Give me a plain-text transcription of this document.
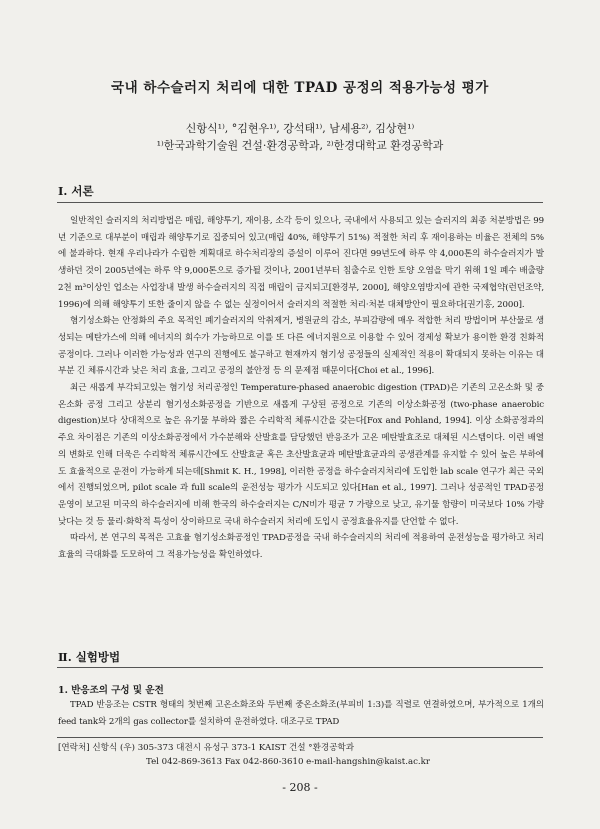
국내 하수슬러지 처리에 대한 TPAD 공정의 적용가능성 평가
신항식¹⁾, °김현우¹⁾, 강석태¹⁾, 남세용²⁾, 김상현¹⁾
¹⁾한국과학기술원 건설·환경공학과, ²⁾한경대학교 환경공학과
Ⅰ. 서론

일반적인 슬러지의 처리방법은 매립, 해양투기, 재이용, 소각 등이 있으나, 국내에서 사용되고 있는 슬러지의 최종 처분방법은 99년 기준으로 대부분이 매립과 해양투기로 집중되어 있고(매립 40%, 해양투기 51%) 적절한 처리 후 재이용하는 비율은 전체의 5%에 불과하다. 현재 우리나라가 수립한 계획대로 하수처리장의 증설이 이루어 진다면 99년도에 하루 약 4,000톤의 하수슬러지가 발생하던 것이 2005년에는 하루 약 9,000톤으로 증가될 것이나, 2001년부터 침출수로 인한 토양 오염을 막기 위해 1일 폐수 배출량 2천 m³이상인 업소는 사업장내 발생 하수슬러지의 직접 매립이 금지되고[환경부, 2000], 해양오염방지에 관한 국제협약(런던조약, 1996)에 의해 해양투기 또한 줄이지 않을 수 없는 실정이어서 슬러지의 적절한 처리·처분 대체방안이 필요하다[권기홍, 2000].

혐기성소화는 안정화의 주요 목적인 폐기슬러지의 악취제거, 병원균의 감소, 부피감량에 매우 적합한 처리 방법이며 부산물로 생성되는 메탄가스에 의해 에너지의 회수가 가능하므로 이를 또 다른 에너지원으로 이용할 수 있어 경제성 확보가 용이한 환경 친화적 공정이다. 그러나 이러한 가능성과 연구의 진행에도 불구하고 현재까지 혐기성 공정들의 실제적인 적용이 확대되지 못하는 이유는 대부분 긴 체류시간과 낮은 처리 효율, 그리고 공정의 불안정 등 의 문제점 때문이다[Choi et al., 1996].

최근 새롭게 부각되고있는 혐기성 처리공정인 Temperature-phased anaerobic digestion (TPAD)은 기존의 고온소화 및 중온소화 공정 그리고 상분리 혐기성소화공정을 기반으로 새롭게 구상된 공정으로 기존의 이상소화공정 (two-phase anaerobic digestion)보다 상대적으로 높은 유기물 부하와 짧은 수리학적 체류시간을 갖는다[Fox and Pohland, 1994]. 이상 소화공정과의 주요 차이점은 기존의 이상소화공정에서 가수분해와 산발효를 담당했던 반응조가 고온 메탄발효조로 대체된 시스템이다. 이런 배열의 변화로 인해 더욱은 수리학적 체류시간에도 산발효균 혹은 초산발효균과 메탄발효균과의 공생관계를 유지할 수 있어 높은 부하에도 효율적으로 운전이 가능하게 되는데[Shmit K. H., 1998], 이러한 공정을 하수슬러지처리에 도입한 lab scale 연구가 최근 국외에서 진행되었으며, pilot scale 과 full scale의 운전성능 평가가 시도되고 있다[Han et al., 1997]. 그러나 성공적인 TPAD공정 운영이 보고된 미국의 하수슬러지에 비해 한국의 하수슬러지는 C/N비가 평균 7 가량으로 낮고, 유기물 함량이 미국보다 10% 가량 낮다는 것 등 물리·화학적 특성이 상이하므로 국내 하수슬러지 처리에 도입시 공정효율유지를 단언할 수 없다.

따라서, 본 연구의 목적은 고효율 혐기성소화공정인 TPAD공정을 국내 하수슬러지의 처리에 적용하여 운전성능을 평가하고 처리효율의 극대화를 도모하여 그 적용가능성을 확인하였다.

Ⅱ. 실험방법
1. 반응조의 구성 및 운전

TPAD 반응조는 CSTR 형태의 첫번째 고온소화조와 두번째 중온소화조(부피비 1:3)를 직렬로 연결하였으며, 부가적으로 1개의 feed tank와 2개의 gas collector를 설치하여 운전하였다. 대조구로 TPAD

[연락처] 신항식 (우) 305-373 대전시 유성구 373-1 KAIST 건설 °환경공학과
Tel 042-869-3613 Fax 042-860-3610 e-mail-hangshin@kaist.ac.kr
- 208 -
